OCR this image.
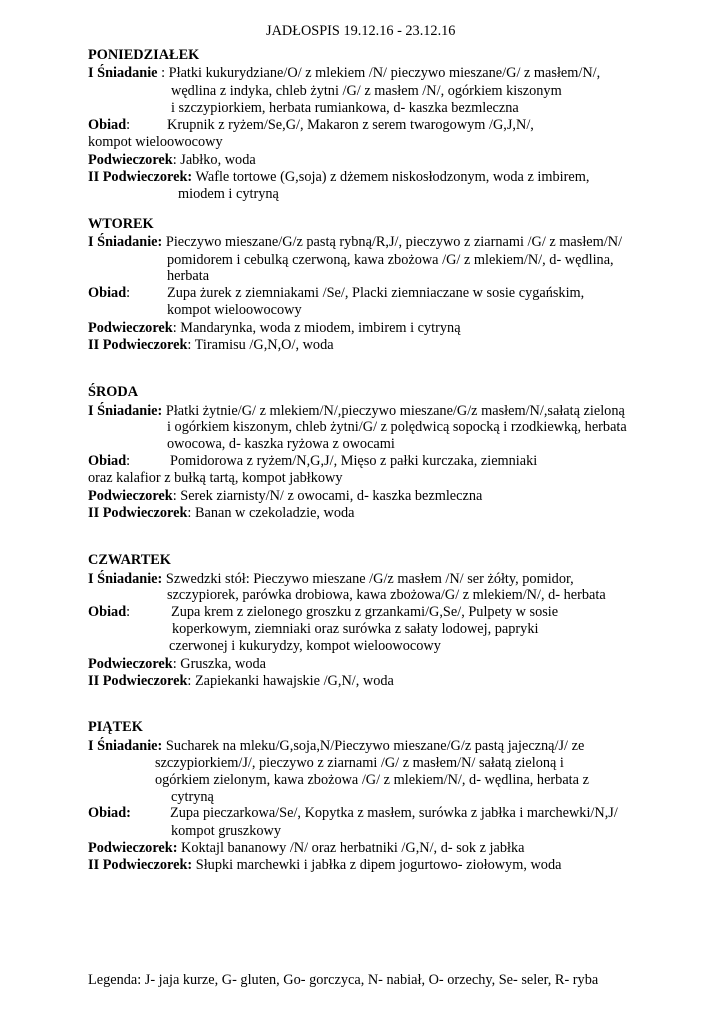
JADŁOSPIS 19.12.16 - 23.12.16
PONIEDZIAŁEK
I Śniadanie : Płatki kukurydziane/O/ z mlekiem /N/ pieczywo mieszane/G/ z masłem/N/,
wędlina z indyka, chleb żytni /G/ z masłem /N/, ogórkiem kiszonym
i szczypiorkiem, herbata rumiankowa, d- kaszka bezmleczna
Obiad:	Krupnik z ryżem/Se,G/, Makaron z serem twarogowym /G,J,N/,
kompot wieloowocowy
Podwieczorek: Jabłko, woda
II Podwieczorek: Wafle tortowe (G,soja) z dżemem niskosłodzonym, woda z imbirem,
miodem i cytryną
WTOREK
I Śniadanie: Pieczywo mieszane/G/z pastą rybną/R,J/, pieczywo z ziarnami /G/ z masłem/N/
pomidorem i cebulką czerwoną, kawa zbożowa /G/ z mlekiem/N/, d- wędlina,
herbata
Obiad:	Zupa żurek z ziemniakami /Se/, Placki ziemniaczane w sosie cygańskim,
kompot wieloowocowy
Podwieczorek: Mandarynka, woda z miodem, imbirem i cytryną
II Podwieczorek: Tiramisu /G,N,O/, woda
ŚRODA
I Śniadanie: Płatki żytnie/G/ z mlekiem/N/,pieczywo mieszane/G/z masłem/N/,sałatą zieloną
i ogórkiem kiszonym, chleb żytni/G/ z polędwicą sopocką i rzodkiewką, herbata
owocowa, d- kaszka ryżowa z owocami
Obiad:	Pomidorowa z ryżem/N,G,J/, Mięso z pałki kurczaka, ziemniaki
oraz kalafior z bułką tartą, kompot jabłkowy
Podwieczorek: Serek ziarnisty/N/ z owocami, d- kaszka bezmleczna
II Podwieczorek: Banan w czekoladzie, woda
CZWARTEK
I Śniadanie: Szwedzki stół: Pieczywo mieszane /G/z masłem /N/ ser żółty, pomidor,
szczypiorek, parówka drobiowa, kawa zbożowa/G/ z mlekiem/N/, d- herbata
Obiad:	Zupa krem z zielonego groszku z grzankami/G,Se/, Pulpety w sosie
koperkowym, ziemniaki oraz surówka z sałaty lodowej, papryki
czerwonej i kukurydzy, kompot wieloowocowy
Podwieczorek: Gruszka, woda
II Podwieczorek: Zapiekanki hawajskie /G,N/, woda
PIĄTEK
I Śniadanie: Sucharek na mleku/G,soja,N/Pieczywo mieszane/G/z pastą jajeczną/J/ ze
szczypiorkiem/J/, pieczywo z ziarnami /G/ z masłem/N/ sałatą zieloną i
ogórkiem zielonym, kawa zbożowa /G/ z mlekiem/N/, d- wędlina, herbata z
cytryną
Obiad:	Zupa pieczarkowa/Se/, Kopytka z masłem, surówka z jabłka i marchewki/N,J/
kompot gruszkowy
Podwieczorek: Koktajl bananowy /N/ oraz herbatniki /G,N/, d- sok z jabłka
II Podwieczorek: Słupki marchewki i jabłka z dipem jogurtowo- ziołowym, woda
Legenda: J- jaja kurze, G- gluten, Go- gorczyca, N- nabiał, O- orzechy, Se- seler, R- ryba
